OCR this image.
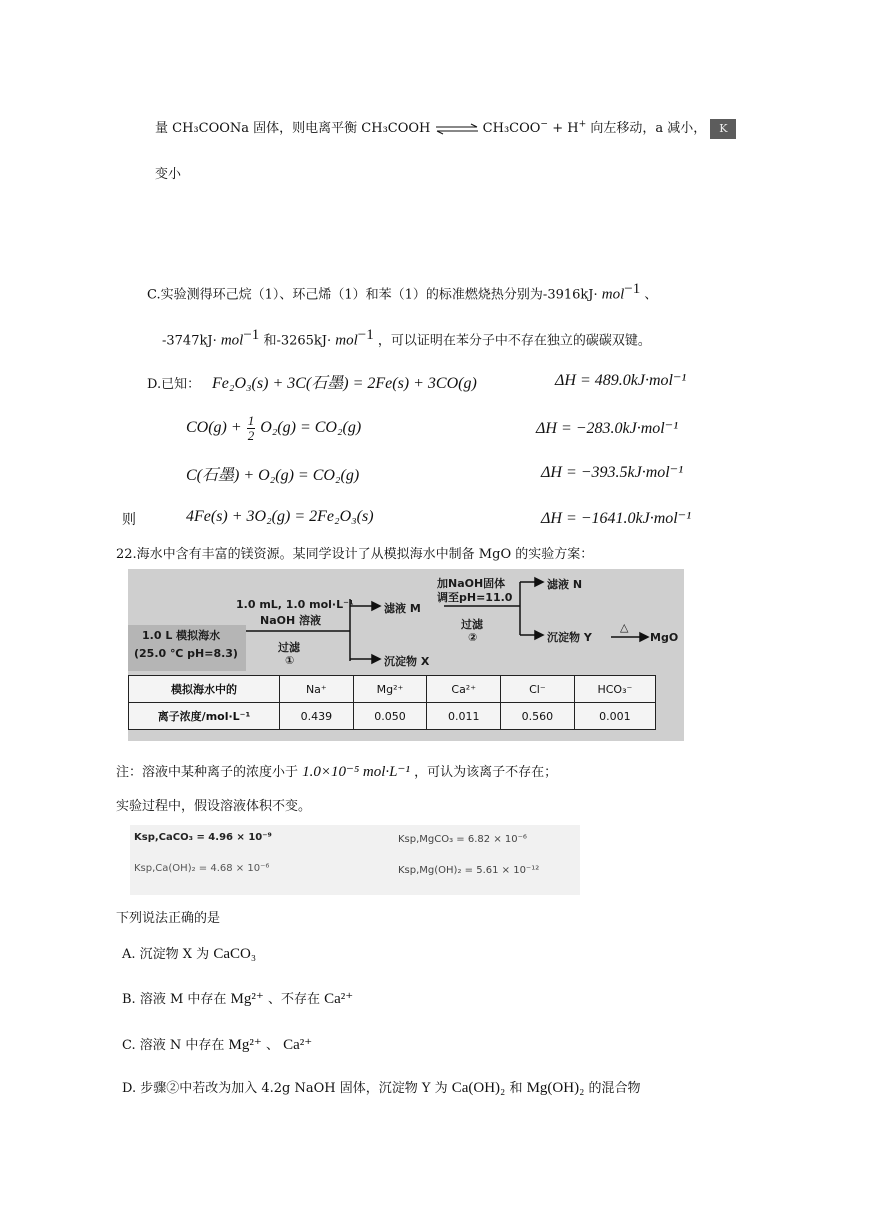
量 CH₃COONa 固体，则电离平衡 CH₃COOH ⇌CH₃COO− + H+ 向左移动，a 减小， K
变小
C.实验测得环己烷（1）、环己烯（1）和苯（1）的标准燃烧热分别为-3916kJ· mol$^{-1}$ 、
-3747kJ· mol$^{-1}$ 和-3265kJ· mol$^{-1}$ ，可以证明在苯分子中不存在独立的碳碳双键。
D.已知： Fe₂O₃(s) + 3C(石墨) = 2Fe(s) + 3CO(g)	ΔH = 489.0kJ·mol⁻¹
$CO(g) + \frac{1}{2} O_2(g) = CO_2(g)$	ΔH = −283.0kJ·mol⁻¹
C(石墨) + O₂(g) = CO₂(g)	ΔH = −393.5kJ·mol⁻¹
则	4Fe(s) + 3O₂(g) = 2Fe₂O₃(s)	ΔH = −1641.0kJ·mol⁻¹
22.海水中含有丰富的镁资源。某同学设计了从模拟海水中制备 MgO 的实验方案：
1.0 mL, 1.0 mol·L⁻¹
NaOH 溶液
1.0 L 模拟海水
(25.0 ℃ pH=8.3)	过滤
①
滤液 M
沉淀物 X
加NaOH固体
调至pH=11.0
过滤
②
滤液 N
沉淀物 Y
△
MgO
模拟海水中的	Na⁺	Mg²⁺	Ca²⁺	Cl⁻	HCO₃⁻
离子浓度/mol·L⁻¹	0.439	0.050	0.011	0.560	0.001
注：溶液中某种离子的浓度小于 1.0×10⁻⁵ mol·L⁻¹ ，可认为该离子不存在；
实验过程中，假设溶液体积不变。
Ksp,CaCO₃ = 4.96 × 10⁻⁹	Ksp,MgCO₃ = 6.82 × 10⁻⁶
Ksp,Ca(OH)₂ = 4.68 × 10⁻⁶	Ksp,Mg(OH)₂ = 5.61 × 10⁻¹²
下列说法正确的是
A. 沉淀物 X 为 CaCO₃
B. 溶液 M 中存在 Mg²⁺ 、不存在 Ca²⁺
C. 溶液 N 中存在 Mg²⁺ 、 Ca²⁺
D. 步骤②中若改为加入 4.2g NaOH 固体，沉淀物 Y 为 Ca(OH)₂ 和 Mg(OH)₂ 的混合物
